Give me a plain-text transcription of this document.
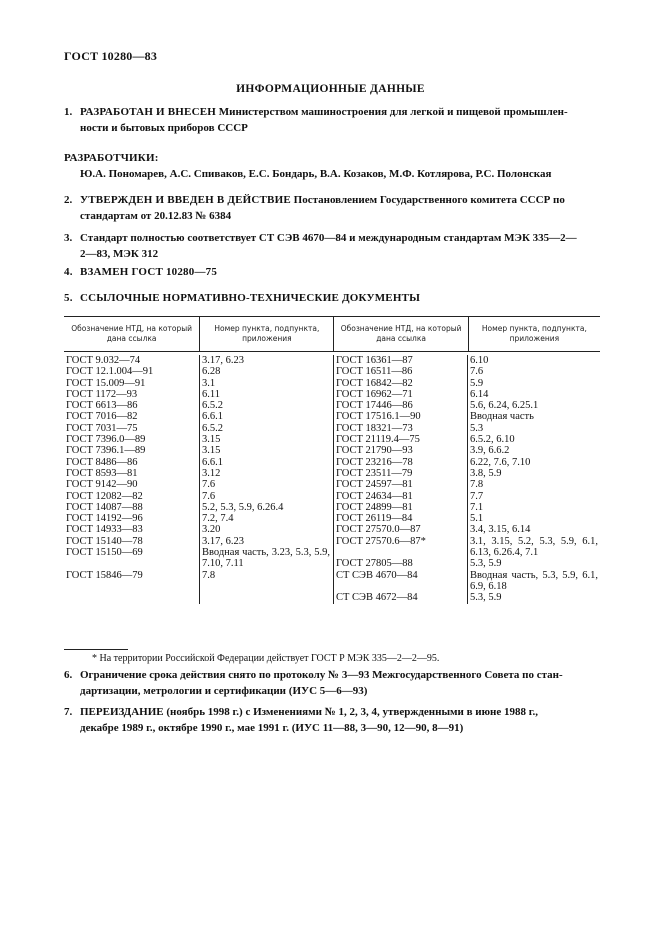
ГОСТ 10280—83
ИНФОРМАЦИОННЫЕ ДАННЫЕ
1. РАЗРАБОТАН И ВНЕСЕН Министерством машиностроения для легкой и пищевой промышлен-
ности и бытовых приборов СССР
РАЗРАБОТЧИКИ:
Ю.А. Пономарев, А.С. Спиваков, Е.С. Бондарь, В.А. Козаков, М.Ф. Котлярова, Р.С. Полонская
2. УТВЕРЖДЕН И ВВЕДЕН В ДЕЙСТВИЕ Постановлением Государственного комитета СССР по
стандартам от 20.12.83 № 6384
3. Стандарт полностью соответствует СТ СЭВ 4670—84 и международным стандартам МЭК 335—2—
2—83, МЭК 312
4. ВЗАМЕН ГОСТ 10280—75
5. ССЫЛОЧНЫЕ НОРМАТИВНО-ТЕХНИЧЕСКИЕ ДОКУМЕНТЫ
Обозначение НТД, на который дана ссылка
Номер пункта, подпункта, приложения
Обозначение НТД, на который дана ссылка
Номер пункта, подпункта, приложения
ГОСТ 9.032—74
ГОСТ 12.1.004—91
ГОСТ 15.009—91
ГОСТ 1172—93
ГОСТ 6613—86
ГОСТ 7016—82
ГОСТ 7031—75
ГОСТ 7396.0—89
ГОСТ 7396.1—89
ГОСТ 8486—86
ГОСТ 8593—81
ГОСТ 9142—90
ГОСТ 12082—82
ГОСТ 14087—88
ГОСТ 14192—96
ГОСТ 14933—83
ГОСТ 15140—78
ГОСТ 15150—69
ГОСТ 15846—79
3.17, 6.23
6.28
3.1
6.11
6.5.2
6.6.1
6.5.2
3.15
3.15
6.6.1
3.12
7.6
7.6
5.2, 5.3, 5.9, 6.26.4
7.2, 7.4
3.20
3.17, 6.23
Вводная часть, 3.23, 5.3, 5.9, 7.10, 7.11
7.8
ГОСТ 16361—87
ГОСТ 16511—86
ГОСТ 16842—82
ГОСТ 16962—71
ГОСТ 17446—86
ГОСТ 17516.1—90
ГОСТ 18321—73
ГОСТ 21119.4—75
ГОСТ 21790—93
ГОСТ 23216—78
ГОСТ 23511—79
ГОСТ 24597—81
ГОСТ 24634—81
ГОСТ 24899—81
ГОСТ 26119—84
ГОСТ 27570.0—87
ГОСТ 27570.6—87*
ГОСТ 27805—88
СТ СЭВ 4670—84
СТ СЭВ 4672—84
6.10
7.6
5.9
6.14
5.6, 6.24, 6.25.1
Вводная часть
5.3
6.5.2, 6.10
3.9, 6.6.2
6.22, 7.6, 7.10
3.8, 5.9
7.8
7.7
7.1
5.1
3.4, 3.15, 6.14
3.1, 3.15, 5.2, 5.3, 5.9, 6.1, 6.13, 6.26.4, 7.1
5.3, 5.9
Вводная часть, 5.3, 5.9, 6.1, 6.9, 6.18
5.3, 5.9
* На территории Российской Федерации действует ГОСТ Р МЭК 335—2—2—95.
6. Ограничение срока действия снято по протоколу № 3—93 Межгосударственного Совета по стан-
дартизации, метрологии и сертификации (ИУС 5—6—93)
7. ПЕРЕИЗДАНИЕ (ноябрь 1998 г.) с Изменениями № 1, 2, 3, 4, утвержденными в июне 1988 г.,
декабре 1989 г., октябре 1990 г., мае 1991 г. (ИУС 11—88, 3—90, 12—90, 8—91)
